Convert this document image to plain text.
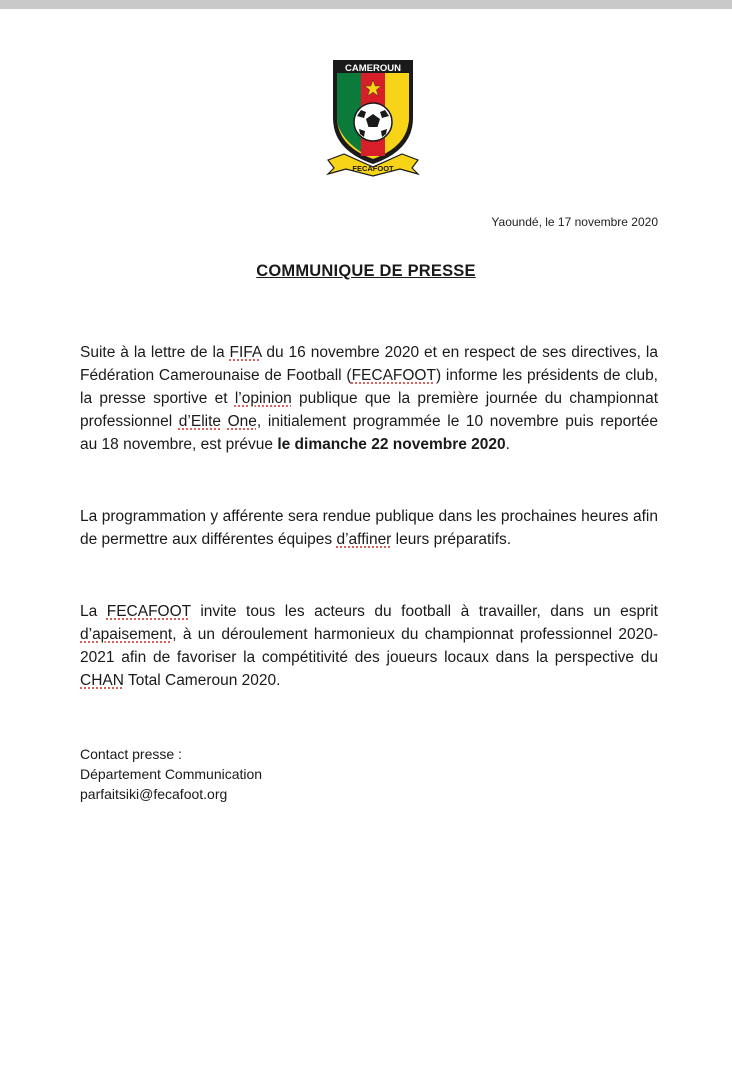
CAMEROUN
FECAFOOT
Yaoundé, le 17 novembre 2020
COMMUNIQUE DE PRESSE
Suite à la lettre de la FIFA du 16 novembre 2020 et en respect de ses directives, la Fédération Camerounaise de Football (FECAFOOT) informe les présidents de club, la presse sportive et l’opinion publique que la première journée du championnat professionnel d’Elite One, initialement programmée le 10 novembre puis reportée au 18 novembre, est prévue le dimanche 22 novembre 2020.
La programmation y afférente sera rendue publique dans les prochaines heures afin de permettre aux différentes équipes d’affiner leurs préparatifs.
La FECAFOOT invite tous les acteurs du football à travailler, dans un esprit d’apaisement, à un déroulement harmonieux du championnat professionnel 2020-2021 afin de favoriser la compétitivité des joueurs locaux dans la perspective du CHAN Total Cameroun 2020.
Contact presse :
Département Communication
parfaitsiki@fecafoot.org
